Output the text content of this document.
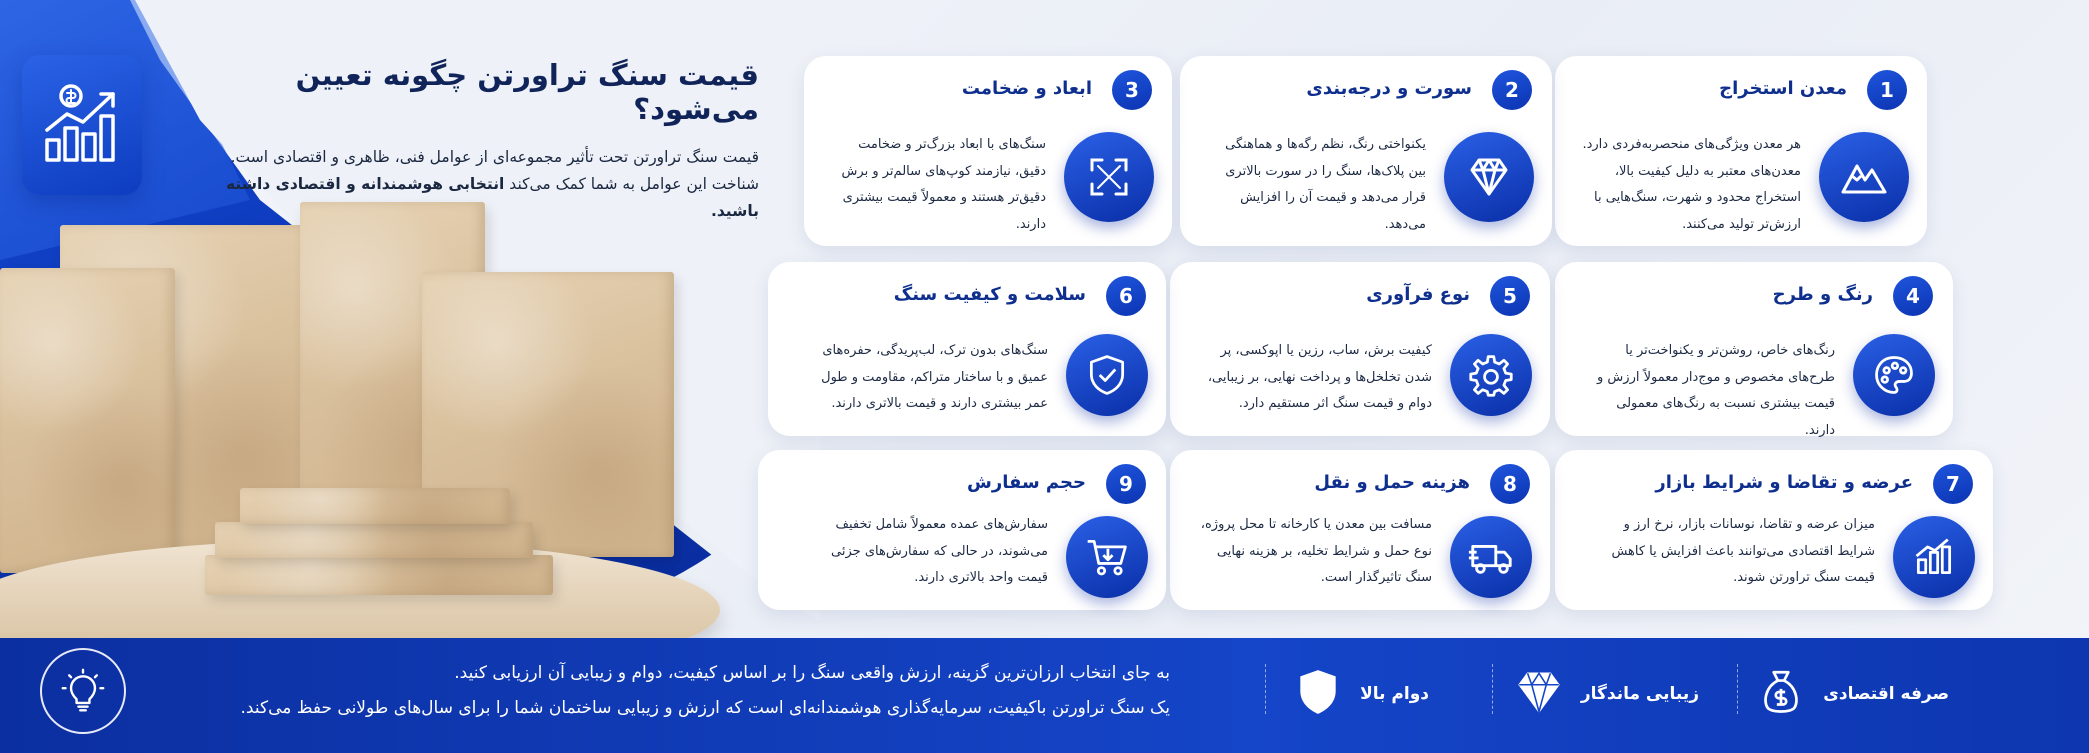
قیمت سنگ تراورتن چگونه تعیین می‌شود؟

قیمت سنگ تراورتن تحت تأثیر مجموعه‌ای از عوامل فنی، ظاهری و اقتصادی است.
شناخت این عوامل به شما کمک می‌کند انتخابی هوشمندانه و اقتصادی داشته باشید.

1
معدن استخراج
هر معدن ویژگی‌های منحصربه‌فردی دارد. معدن‌های معتبر به دلیل کیفیت بالا، استخراج محدود و شهرت، سنگ‌هایی با ارزش‌تر تولید می‌کنند.
2
سورت و درجه‌بندی
یکنواختی رنگ، نظم رگه‌ها و هماهنگی بین پلاک‌ها، سنگ را در سورت بالاتری قرار می‌دهد و قیمت آن را افزایش می‌دهد.
3
ابعاد و ضخامت
سنگ‌های با ابعاد بزرگ‌تر و ضخامت دقیق، نیازمند کوپ‌های سالم‌تر و برش دقیق‌تر هستند و معمولاً قیمت بیشتری دارند.
4
رنگ و طرح
رنگ‌های خاص، روشن‌تر و یکنواخت‌تر یا طرح‌های مخصوص و موج‌دار معمولاً ارزش و قیمت بیشتری نسبت به رنگ‌های معمولی دارند.
5
نوع فرآوری
کیفیت برش، ساب، رزین یا اپوکسی، پر شدن تخلخل‌ها و پرداخت نهایی، بر زیبایی، دوام و قیمت سنگ اثر مستقیم دارد.
6
سلامت و کیفیت سنگ
سنگ‌های بدون ترک، لب‌پریدگی، حفره‌های عمیق و با ساختار متراکم، مقاومت و طول عمر بیشتری دارند و قیمت بالاتری دارند.
7
عرضه و تقاضا و شرایط بازار
میزان عرضه و تقاضا، نوسانات بازار، نرخ ارز و شرایط اقتصادی می‌توانند باعث افزایش یا کاهش قیمت سنگ تراورتن شوند.
8
هزینه حمل و نقل
مسافت بین معدن یا کارخانه تا محل پروژه، نوع حمل و شرایط تخلیه، بر هزینه نهایی سنگ تاثیرگذار است.
9
حجم سفارش
سفارش‌های عمده معمولاً شامل تخفیف می‌شوند، در حالی که سفارش‌های جزئی قیمت واحد بالاتری دارند.
صرفه اقتصادی
زیبایی ماندگار
دوام بالا
به جای انتخاب ارزان‌ترین گزینه، ارزش واقعی سنگ را بر اساس کیفیت، دوام و زیبایی آن ارزیابی کنید.
یک سنگ تراورتن باکیفیت، سرمایه‌گذاری هوشمندانه‌ای است که ارزش و زیبایی ساختمان شما را برای سال‌های طولانی حفظ می‌کند.
